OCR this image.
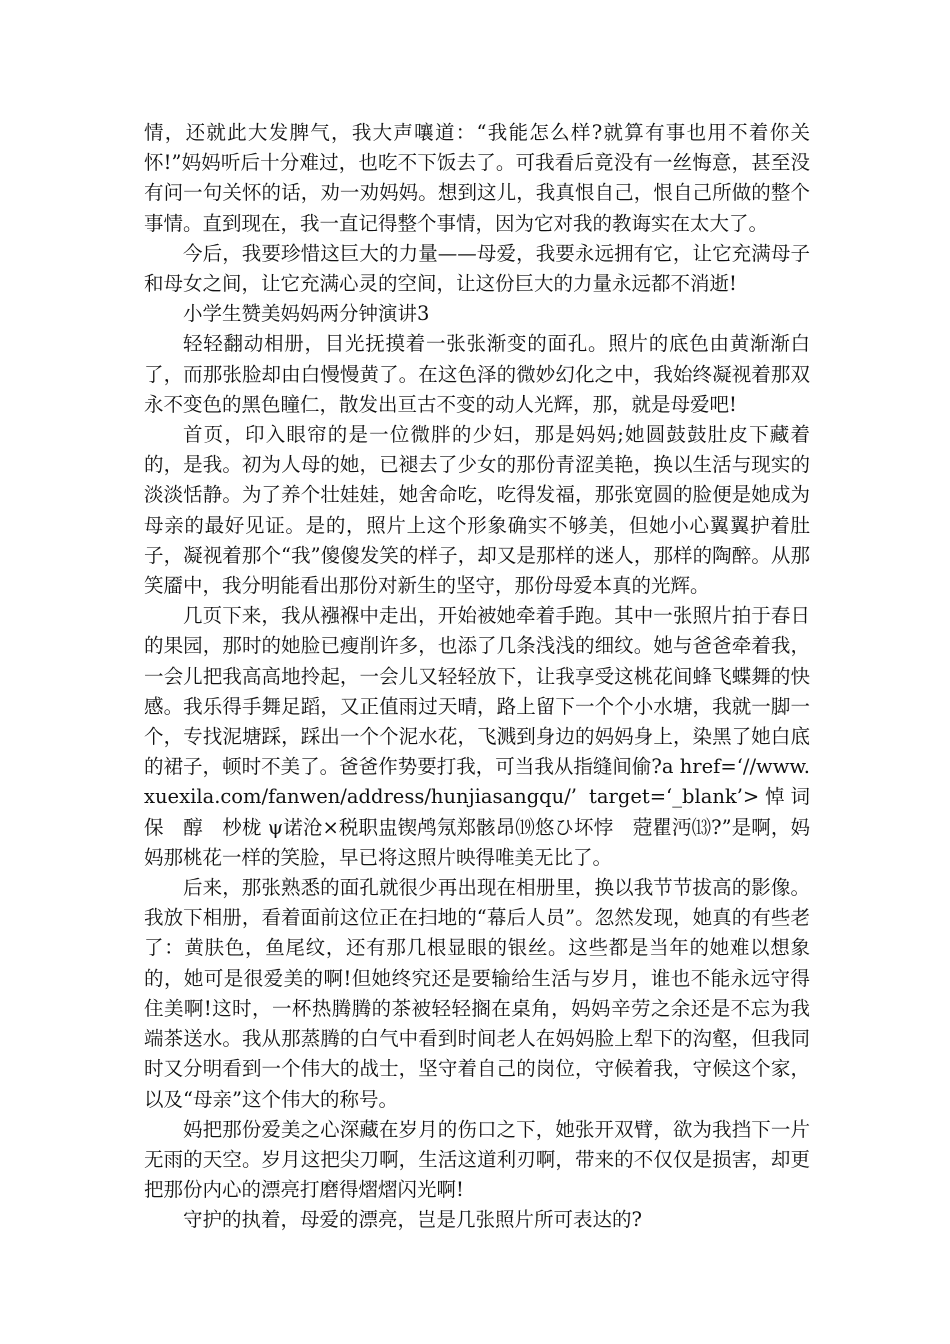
情，还就此大发脾气，我大声嚷道：“我能怎么样?就算有事也用不着你关怀!”妈妈听后十分难过，也吃不下饭去了。可我看后竟没有一丝悔意，甚至没有问一句关怀的话，劝一劝妈妈。想到这儿，我真恨自己，恨自己所做的整个事情。直到现在，我一直记得整个事情，因为它对我的教诲实在太大了。

今后，我要珍惜这巨大的力量——母爱，我要永远拥有它，让它充满母子和母女之间，让它充满心灵的空间，让这份巨大的力量永远都不消逝!

小学生赞美妈妈两分钟演讲3

轻轻翻动相册，目光抚摸着一张张渐变的面孔。照片的底色由黄渐渐白了，而那张脸却由白慢慢黄了。在这色泽的微妙幻化之中，我始终凝视着那双永不变色的黑色瞳仁，散发出亘古不变的动人光辉，那，就是母爱吧!

首页，印入眼帘的是一位微胖的少妇，那是妈妈;她圆鼓鼓肚皮下藏着的，是我。初为人母的她，已褪去了少女的那份青涩美艳，换以生活与现实的淡淡恬静。为了养个壮娃娃，她舍命吃，吃得发福，那张宽圆的脸便是她成为母亲的最好见证。是的，照片上这个形象确实不够美，但她小心翼翼护着肚子，凝视着那个“我”傻傻发笑的样子，却又是那样的迷人，那样的陶醉。从那笑靥中，我分明能看出那份对新生的坚守，那份母爱本真的光辉。

几页下来，我从襁褓中走出，开始被她牵着手跑。其中一张照片拍于春日的果园，那时的她脸已瘦削许多，也添了几条浅浅的细纹。她与爸爸牵着我，一会儿把我高高地拎起，一会儿又轻轻放下，让我享受这桃花间蜂飞蝶舞的快感。我乐得手舞足蹈，又正值雨过天晴，路上留下一个个小水塘，我就一脚一个，专找泥塘踩，踩出一个个泥水花，飞溅到身边的妈妈身上，染黑了她白底的裙子，顿时不美了。爸爸作势要打我，可当我从指缝间偷?a href=‘//www.xuexila.com/fanwen/address/hunjiasangqu/’ target=‘_blank’>悼词保　醇　杪栊 ψ诺沧×税职盅锲鸬氖郑骸昂⒆悠ひ坏悖　蒄瞿沔⒀?”是啊，妈妈那桃花一样的笑脸，早已将这照片映得唯美无比了。

后来，那张熟悉的面孔就很少再出现在相册里，换以我节节拔高的影像。我放下相册，看着面前这位正在扫地的“幕后人员”。忽然发现，她真的有些老了：黄肤色，鱼尾纹，还有那几根显眼的银丝。这些都是当年的她难以想象的，她可是很爱美的啊!但她终究还是要输给生活与岁月，谁也不能永远守得住美啊!这时，一杯热腾腾的茶被轻轻搁在桌角，妈妈辛劳之余还是不忘为我端茶送水。我从那蒸腾的白气中看到时间老人在妈妈脸上犁下的沟壑，但我同时又分明看到一个伟大的战士，坚守着自己的岗位，守候着我，守候这个家，以及“母亲”这个伟大的称号。

妈把那份爱美之心深藏在岁月的伤口之下，她张开双臂，欲为我挡下一片无雨的天空。岁月这把尖刀啊，生活这道利刃啊，带来的不仅仅是损害，却更把那份内心的漂亮打磨得熠熠闪光啊!

守护的执着，母爱的漂亮，岂是几张照片所可表达的?
